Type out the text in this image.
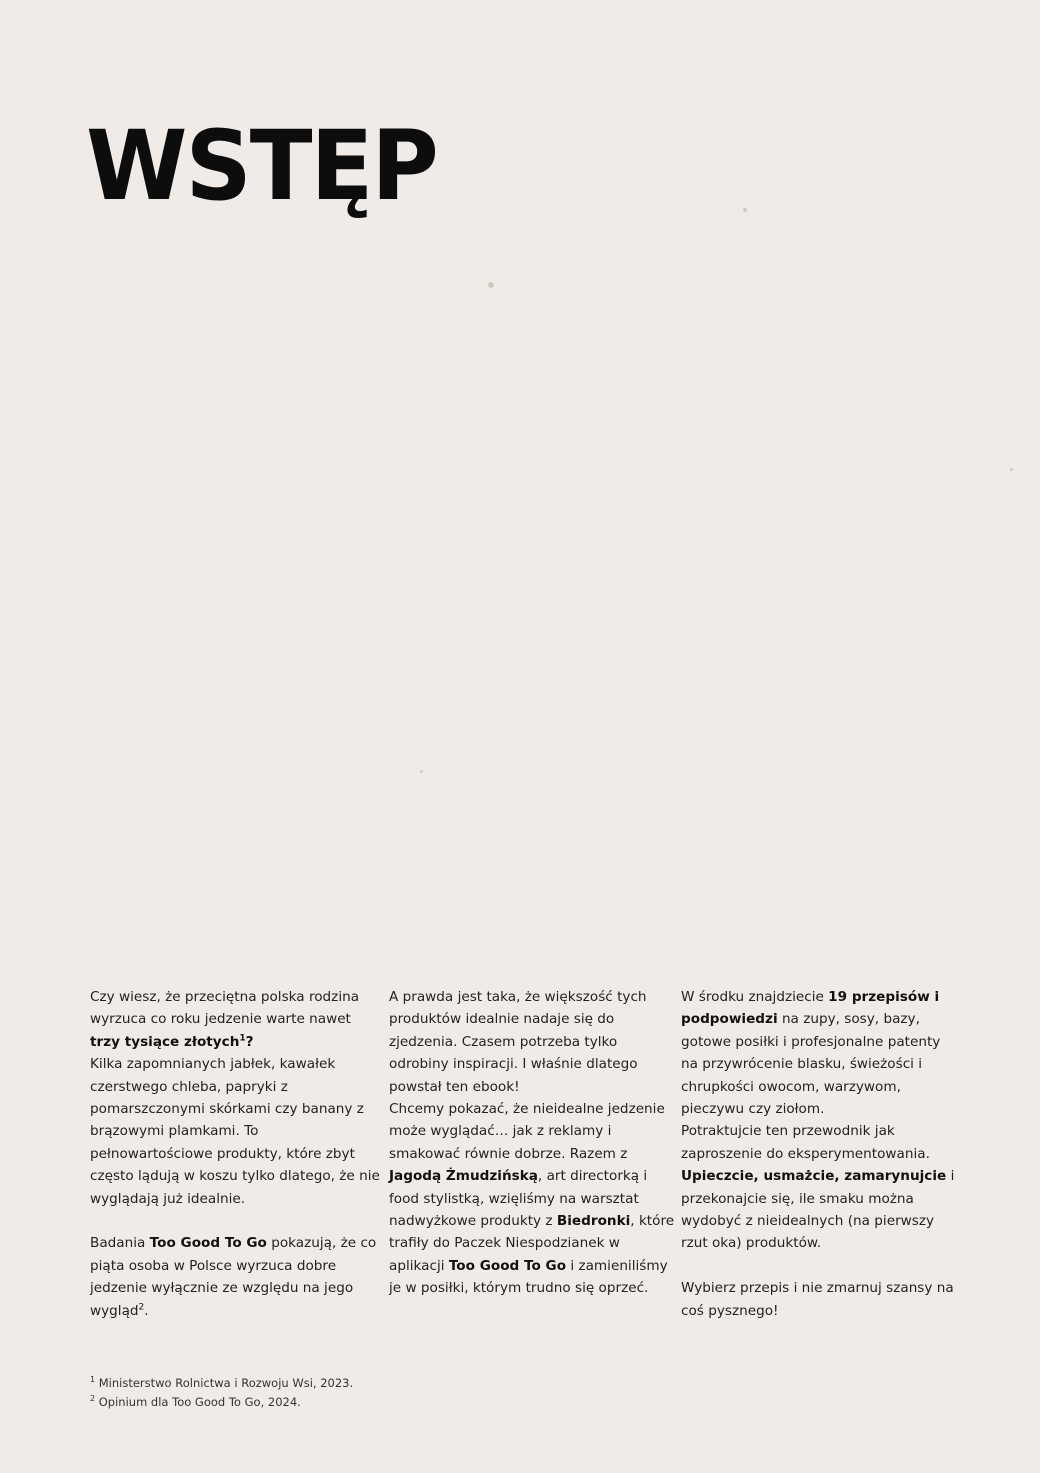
WSTĘP

Czy wiesz, że przeciętna polska rodzina wyrzuca co roku jedzenie warte nawet trzy tysiące złotych$^1$?

Kilka zapomnianych jabłek, kawałek czerstwego chleba, papryki z pomarszczonymi skórkami czy banany z brązowymi plamkami. To pełnowartościowe produkty, które zbyt często lądują w koszu tylko dlatego, że nie wyglądają już idealnie.

Badania Too Good To Go pokazują, że co piąta osoba w Polsce wyrzuca dobre jedzenie wyłącznie ze względu na jego wygląd$^2$.

A prawda jest taka, że większość tych produktów idealnie nadaje się do zjedzenia. Czasem potrzeba tylko odrobiny inspiracji. I właśnie dlatego powstał ten ebook!

Chcemy pokazać, że nieidealne jedzenie może wyglądać… jak z reklamy i smakować równie dobrze. Razem z Jagodą Żmudzińską, art directorką i food stylistką, wzięliśmy na warsztat nadwyżkowe produkty z Biedronki, które trafiły do Paczek Niespodzianek w aplikacji Too Good To Go i zamieniliśmy je w posiłki, którym trudno się oprzeć.

W środku znajdziecie 19 przepisów i podpowiedzi na zupy, sosy, bazy, gotowe posiłki i profesjonalne patenty na przywrócenie blasku, świeżości i chrupkości owocom, warzywom, pieczywu czy ziołom.

Potraktujcie ten przewodnik jak zaproszenie do eksperymentowania.

Upieczcie, usmażcie, zamarynujcie i przekonajcie się, ile smaku można wydobyć z nieidealnych (na pierwszy rzut oka) produktów.

Wybierz przepis i nie zmarnuj szansy na coś pysznego!

$^1$ Ministerstwo Rolnictwa i Rozwoju Wsi, 2023.
$^2$ Opinium dla Too Good To Go, 2024.
